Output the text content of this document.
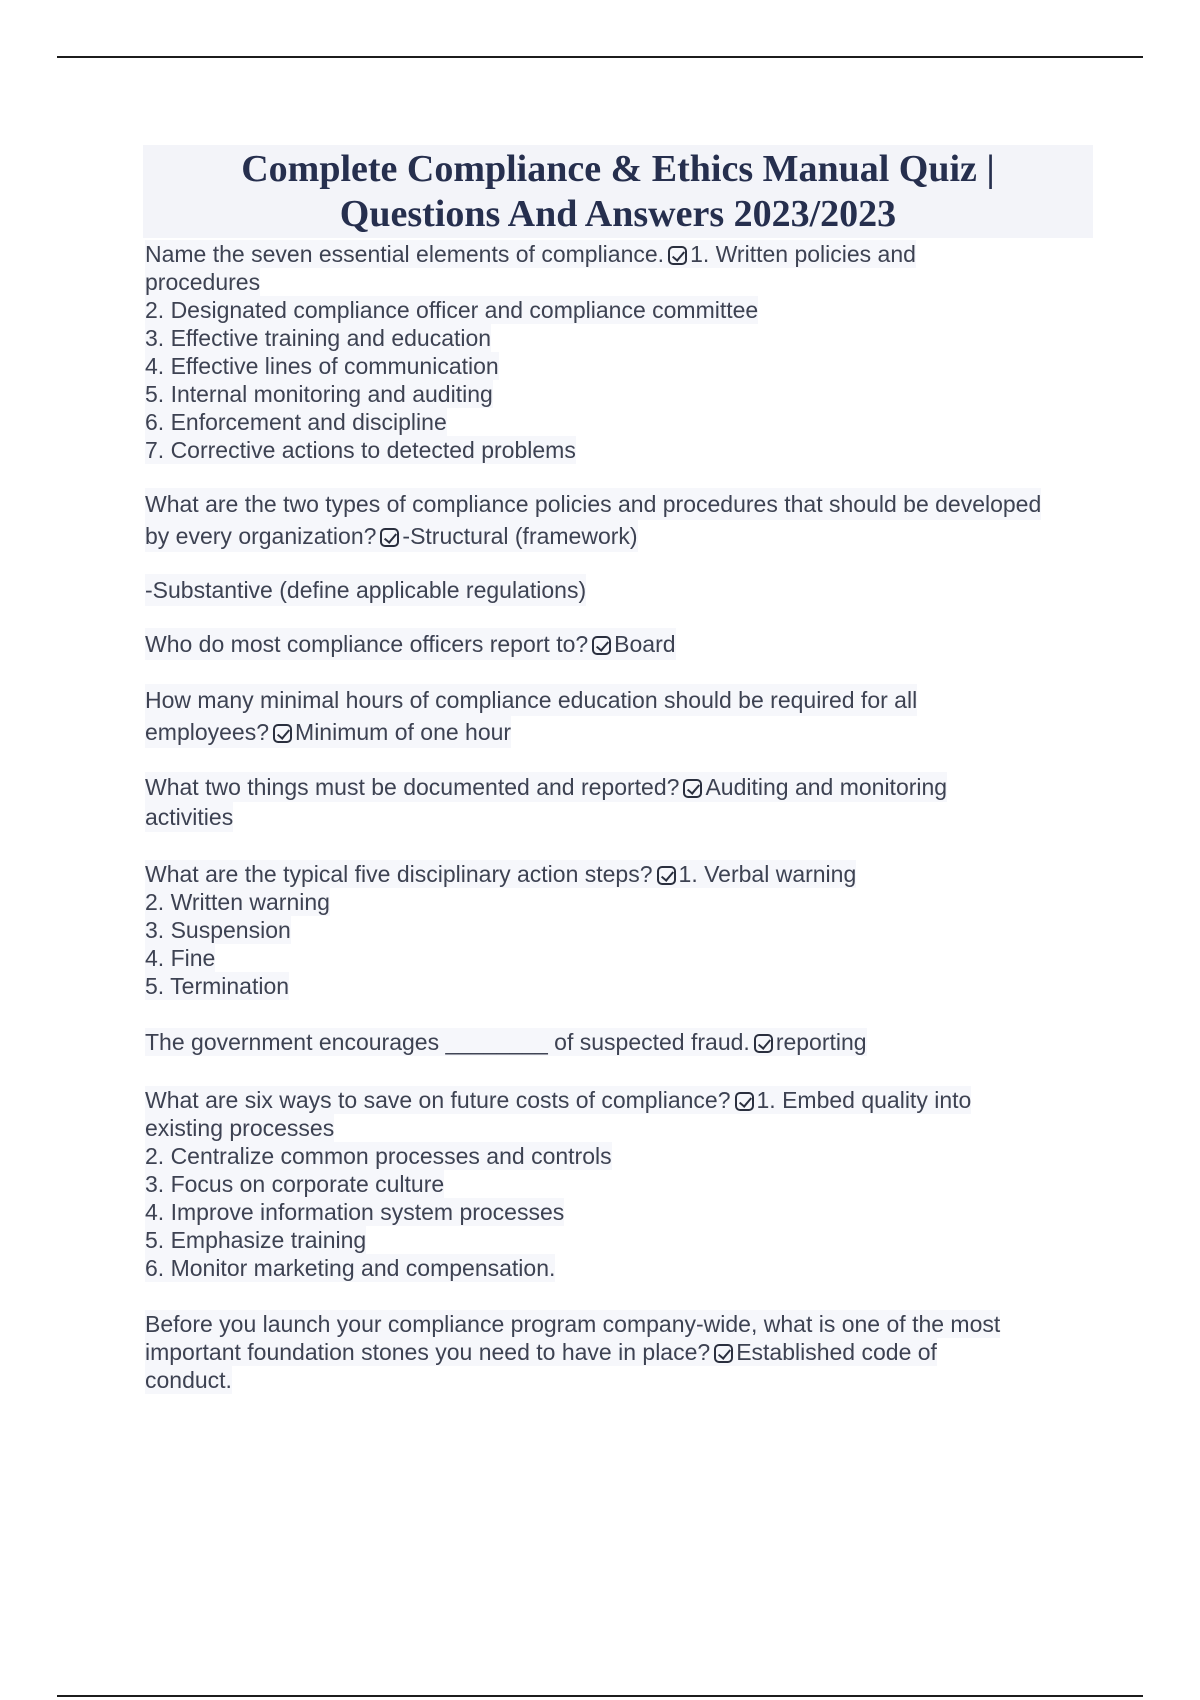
Complete Compliance & Ethics Manual Quiz |
Questions And Answers 2023/2023
Name the seven essential elements of compliance. 1. Written policies and
procedures
2. Designated compliance officer and compliance committee
3. Effective training and education
4. Effective lines of communication
5. Internal monitoring and auditing
6. Enforcement and discipline
7. Corrective actions to detected problems
What are the two types of compliance policies and procedures that should be developed
by every organization? -Structural (framework)
-Substantive (define applicable regulations)
Who do most compliance officers report to? Board
How many minimal hours of compliance education should be required for all
employees? Minimum of one hour
What two things must be documented and reported? Auditing and monitoring
activities
What are the typical five disciplinary action steps? 1. Verbal warning
2. Written warning
3. Suspension
4. Fine
5. Termination
The government encourages ________ of suspected fraud. reporting
What are six ways to save on future costs of compliance? 1. Embed quality into
existing processes
2. Centralize common processes and controls
3. Focus on corporate culture
4. Improve information system processes
5. Emphasize training
6. Monitor marketing and compensation.
Before you launch your compliance program company-wide, what is one of the most
important foundation stones you need to have in place? Established code of
conduct.
